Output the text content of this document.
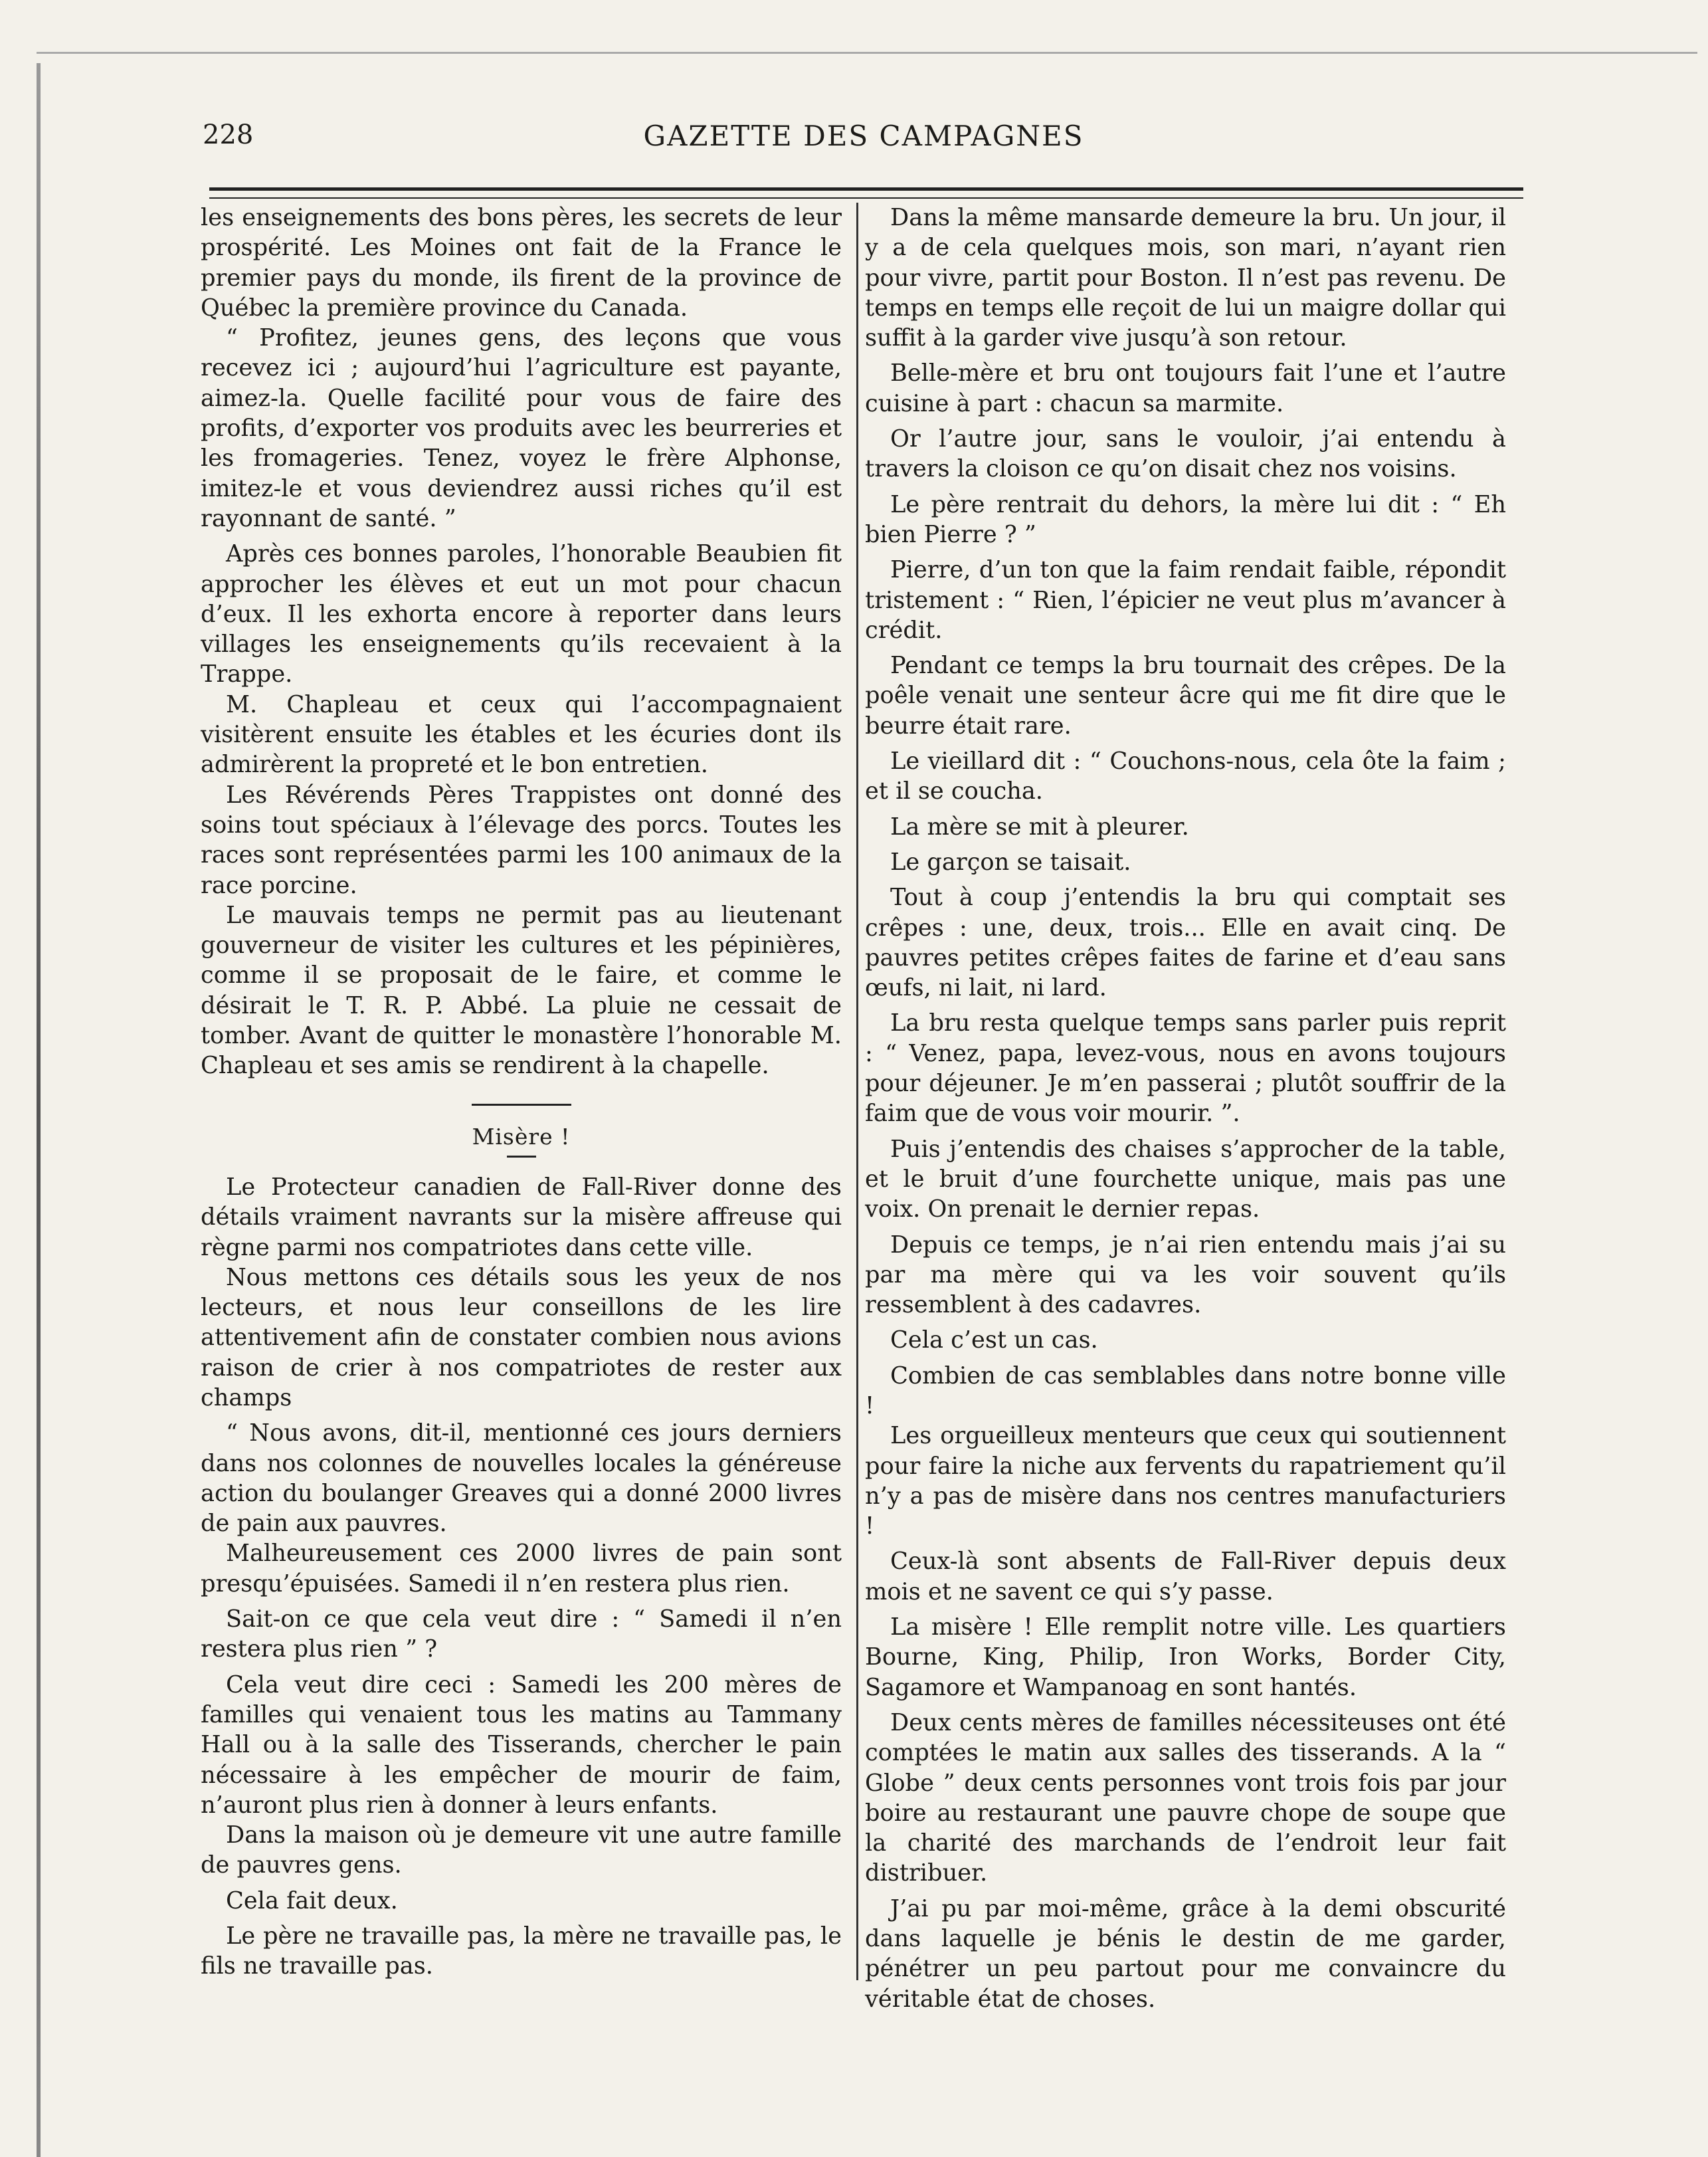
228	GAZETTE DES CAMPAGNES

les enseignements des bons pères, les secrets de leur prospérité. Les Moines ont fait de la France le premier pays du monde, ils firent de la province de Québec la première province du Canada.

“ Profitez, jeunes gens, des leçons que vous recevez ici ; aujourd’hui l’agriculture est payante, aimez-la. Quelle facilité pour vous de faire des profits, d’exporter vos produits avec les beurreries et les fromageries. Tenez, voyez le frère Alphonse, imitez-le et vous deviendrez aussi riches qu’il est rayonnant de santé. ”

Après ces bonnes paroles, l’honorable Beaubien fit approcher les élèves et eut un mot pour chacun d’eux. Il les exhorta encore à reporter dans leurs villages les enseignements qu’ils recevaient à la Trappe.

M. Chapleau et ceux qui l’accompagnaient visitèrent ensuite les étables et les écuries dont ils admirèrent la propreté et le bon entretien.

Les Révérends Pères Trappistes ont donné des soins tout spéciaux à l’élevage des porcs. Toutes les races sont représentées parmi les 100 animaux de la race porcine.

Le mauvais temps ne permit pas au lieutenant gouverneur de visiter les cultures et les pépinières, comme il se proposait de le faire, et comme le désirait le T. R. P. Abbé. La pluie ne cessait de tomber. Avant de quitter le monastère l’honorable M. Chapleau et ses amis se rendirent à la chapelle.

Misère !

Le Protecteur canadien de Fall-River donne des détails vraiment navrants sur la misère affreuse qui règne parmi nos compatriotes dans cette ville.

Nous mettons ces détails sous les yeux de nos lecteurs, et nous leur conseillons de les lire attentivement afin de constater combien nous avions raison de crier à nos compatriotes de rester aux champs

“ Nous avons, dit-il, mentionné ces jours derniers dans nos colonnes de nouvelles locales la généreuse action du boulanger Greaves qui a donné 2000 livres de pain aux pauvres.

Malheureusement ces 2000 livres de pain sont presqu’épuisées. Samedi il n’en restera plus rien.

Sait-on ce que cela veut dire : “ Samedi il n’en restera plus rien ” ?

Cela veut dire ceci : Samedi les 200 mères de familles qui venaient tous les matins au Tammany Hall ou à la salle des Tisserands, chercher le pain nécessaire à les empêcher de mourir de faim, n’auront plus rien à donner à leurs enfants.

Dans la maison où je demeure vit une autre famille de pauvres gens.

Cela fait deux.

Le père ne travaille pas, la mère ne travaille pas, le fils ne travaille pas.

Dans la même mansarde demeure la bru. Un jour, il y a de cela quelques mois, son mari, n’ayant rien pour vivre, partit pour Boston. Il n’est pas revenu. De temps en temps elle reçoit de lui un maigre dollar qui suffit à la garder vive jusqu’à son retour.

Belle-mère et bru ont toujours fait l’une et l’autre cuisine à part : chacun sa marmite.

Or l’autre jour, sans le vouloir, j’ai entendu à travers la cloison ce qu’on disait chez nos voisins.

Le père rentrait du dehors, la mère lui dit : “ Eh bien Pierre ? ”

Pierre, d’un ton que la faim rendait faible, répondit tristement : “ Rien, l’épicier ne veut plus m’avancer à crédit.

Pendant ce temps la bru tournait des crêpes. De la poêle venait une senteur âcre qui me fit dire que le beurre était rare.

Le vieillard dit : “ Couchons-nous, cela ôte la faim ; et il se coucha.

La mère se mit à pleurer.

Le garçon se taisait.

Tout à coup j’entendis la bru qui comptait ses crêpes : une, deux, trois... Elle en avait cinq. De pauvres petites crêpes faites de farine et d’eau sans œufs, ni lait, ni lard.

La bru resta quelque temps sans parler puis reprit : “ Venez, papa, levez-vous, nous en avons toujours pour déjeuner. Je m’en passerai ; plutôt souffrir de la faim que de vous voir mourir. ”.

Puis j’entendis des chaises s’approcher de la table, et le bruit d’une fourchette unique, mais pas une voix. On prenait le dernier repas.

Depuis ce temps, je n’ai rien entendu mais j’ai su par ma mère qui va les voir souvent qu’ils ressemblent à des cadavres.

Cela c’est un cas.

Combien de cas semblables dans notre bonne ville !

Les orgueilleux menteurs que ceux qui soutiennent pour faire la niche aux fervents du rapatriement qu’il n’y a pas de misère dans nos centres manufacturiers !

Ceux-là sont absents de Fall-River depuis deux mois et ne savent ce qui s’y passe.

La misère ! Elle remplit notre ville. Les quartiers Bourne, King, Philip, Iron Works, Border City, Sagamore et Wampanoag en sont hantés.

Deux cents mères de familles nécessiteuses ont été comptées le matin aux salles des tisserands. A la “ Globe ” deux cents personnes vont trois fois par jour boire au restaurant une pauvre chope de soupe que la charité des marchands de l’endroit leur fait distribuer.

J’ai pu par moi-même, grâce à la demi obscurité dans laquelle je bénis le destin de me garder, pénétrer un peu partout pour me convaincre du véritable état de choses.
